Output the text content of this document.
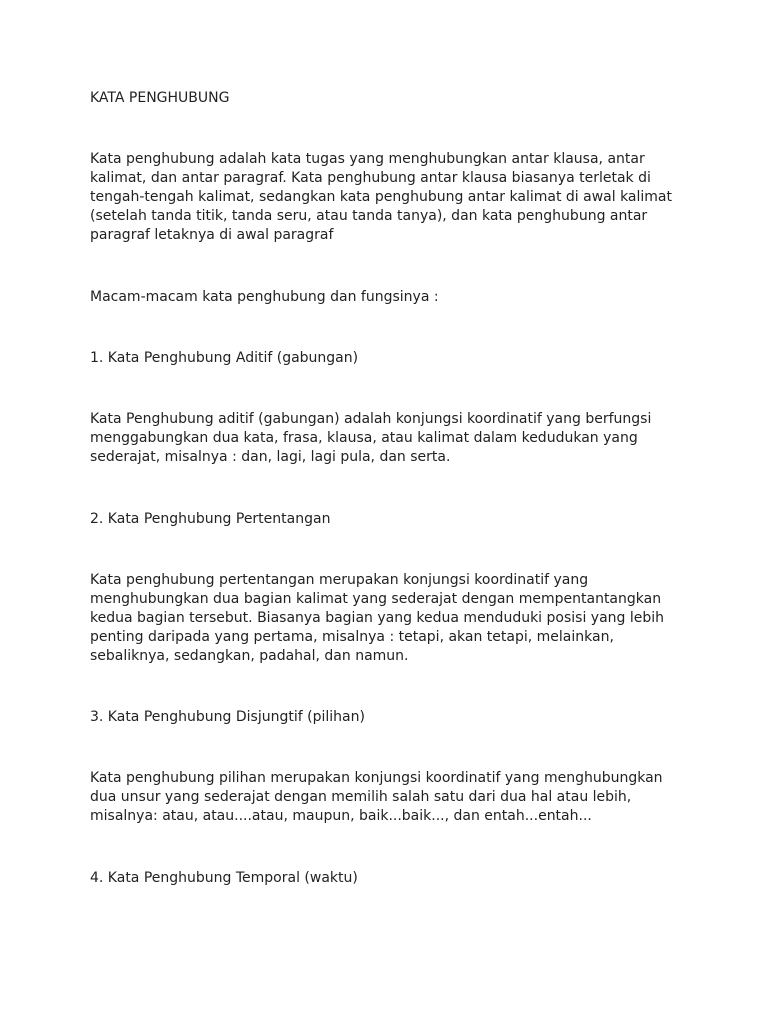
KATA PENGHUBUNG

Kata penghubung adalah kata tugas yang menghubungkan antar klausa, antar
kalimat, dan antar paragraf. Kata penghubung antar klausa biasanya terletak di
tengah-tengah kalimat, sedangkan kata penghubung antar kalimat di awal kalimat
(setelah tanda titik, tanda seru, atau tanda tanya), dan kata penghubung antar
paragraf letaknya di awal paragraf

Macam-macam kata penghubung dan fungsinya :

1. Kata Penghubung Aditif (gabungan)

Kata Penghubung aditif (gabungan) adalah konjungsi koordinatif yang berfungsi
menggabungkan dua kata, frasa, klausa, atau kalimat dalam kedudukan yang
sederajat, misalnya : dan, lagi, lagi pula, dan serta.

2. Kata Penghubung Pertentangan

Kata penghubung pertentangan merupakan konjungsi koordinatif yang
menghubungkan dua bagian kalimat yang sederajat dengan mempentantangkan
kedua bagian tersebut. Biasanya bagian yang kedua menduduki posisi yang lebih
penting daripada yang pertama, misalnya : tetapi, akan tetapi, melainkan,
sebaliknya, sedangkan, padahal, dan namun.

3. Kata Penghubung Disjungtif (pilihan)

Kata penghubung pilihan merupakan konjungsi koordinatif yang menghubungkan
dua unsur yang sederajat dengan memilih salah satu dari dua hal atau lebih,
misalnya: atau, atau....atau, maupun, baik...baik..., dan entah...entah...

4. Kata Penghubung Temporal (waktu)
